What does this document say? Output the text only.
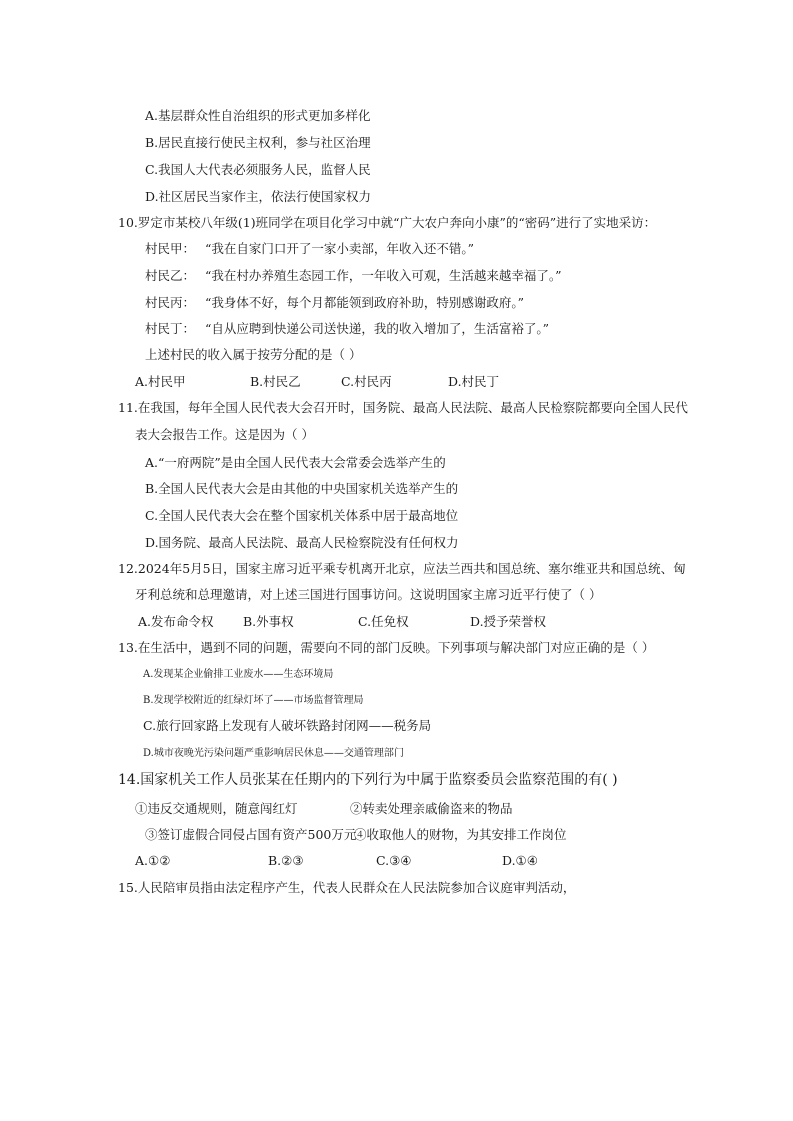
A.基层群众性自治组织的形式更加多样化
B.居民直接行使民主权利，参与社区治理
C.我国人大代表必须服务人民，监督人民
D.社区居民当家作主，依法行使国家权力
10.罗定市某校八年级(1)班同学在项目化学习中就“广大农户奔向小康”的“密码”进行了实地采访：
村民甲： “我在自家门口开了一家小卖部，年收入还不错。”
村民乙： “我在村办养殖生态园工作，一年收入可观，生活越来越幸福了。”
村民丙： “我身体不好，每个月都能领到政府补助，特别感谢政府。”
村民丁： “自从应聘到快递公司送快递，我的收入增加了，生活富裕了。”
上述村民的收入属于按劳分配的是（ ）
A.村民甲	B.村民乙	C.村民丙	D.村民丁
11.在我国，每年全国人民代表大会召开时，国务院、最高人民法院、最高人民检察院都要向全国人民代
表大会报告工作。这是因为（ ）
A.“一府两院”是由全国人民代表大会常委会选举产生的
B.全国人民代表大会是由其他的中央国家机关选举产生的
C.全国人民代表大会在整个国家机关体系中居于最高地位
D.国务院、最高人民法院、最高人民检察院没有任何权力
12.2024年5月5日，国家主席习近平乘专机离开北京，应法兰西共和国总统、塞尔维亚共和国总统、匈
牙利总统和总理邀请，对上述三国进行国事访问。这说明国家主席习近平行使了（ ）
A.发布命令权 B.外事权	C.任免权	D.授予荣誉权
13.在生活中，遇到不同的问题，需要向不同的部门反映。下列事项与解决部门对应正确的是（ ）
A.发现某企业偷排工业废水——生态环境局
B.发现学校附近的红绿灯坏了——市场监督管理局
C.旅行回家路上发现有人破坏铁路封闭网——税务局
D.城市夜晚光污染问题严重影响居民休息——交通管理部门
14.国家机关工作人员张某在任期内的下列行为中属于监察委员会监察范围的有( )
①违反交通规则，随意闯红灯	②转卖处理亲戚偷盗来的物品
③签订虚假合同侵占国有资产500万元
④收取他人的财物，为其安排工作岗位
A.①②	B.②③	C.③④	D.①④
15.人民陪审员指由法定程序产生，代表人民群众在人民法院参加合议庭审判活动，
